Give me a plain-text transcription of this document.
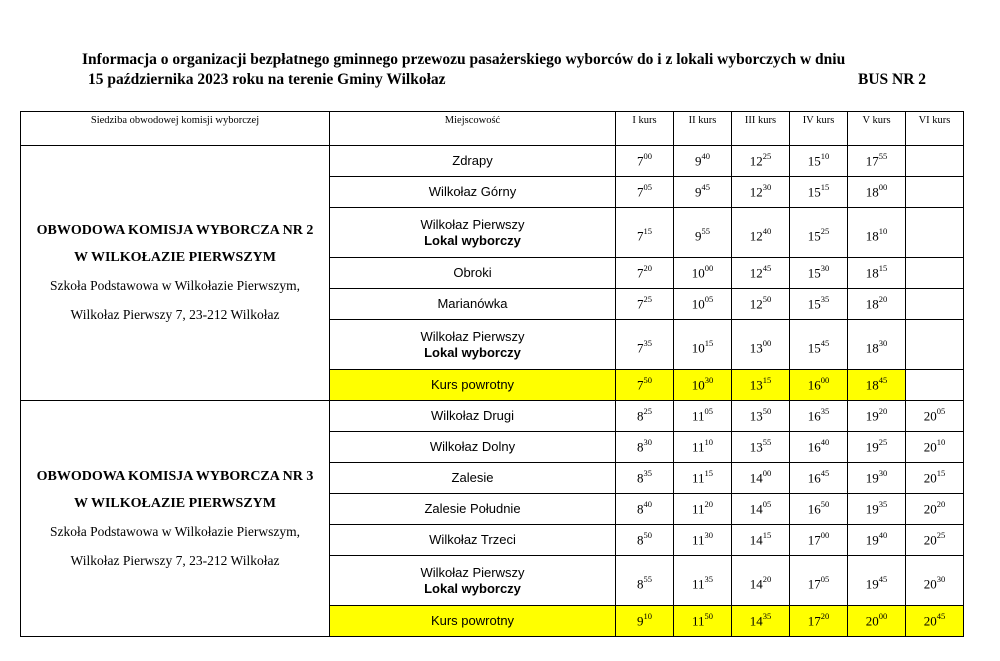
Informacja o organizacji bezpłatnego gminnego przewozu pasażerskiego wyborców do i z lokali wyborczych w dniu
15 października 2023 roku na terenie Gminy Wilkołaz	BUS NR 2
Siedziba obwodowej komisji wyborczej	Miejscowość	I kurs	II kurs	III kurs	IV kurs	V kurs	VI kurs

OBWODOWA KOMISJA WYBORCZA NR 2
W WILKOŁAZIE PIERWSZYM
Szkoła Podstawowa w Wilkołazie Pierwszym,
Wilkołaz Pierwszy 7, 23-212 Wilkołaz	Zdrapy	$7^{00}$	$9^{40}$	$12^{25}$	$15^{10}$	$17^{55}$	
	Wilkołaz Górny	$7^{05}$	$9^{45}$	$12^{30}$	$15^{15}$	$18^{00}$	
	Wilkołaz Pierwszy
Lokal wyborczy	$7^{15}$	$9^{55}$	$12^{40}$	$15^{25}$	$18^{10}$	
	Obroki	$7^{20}$	$10^{00}$	$12^{45}$	$15^{30}$	$18^{15}$	
	Marianówka	$7^{25}$	$10^{05}$	$12^{50}$	$15^{35}$	$18^{20}$	
	Wilkołaz Pierwszy
Lokal wyborczy	$7^{35}$	$10^{15}$	$13^{00}$	$15^{45}$	$18^{30}$	
	Kurs powrotny	$7^{50}$	$10^{30}$	$13^{15}$	$16^{00}$	$18^{45}$	

OBWODOWA KOMISJA WYBORCZA NR 3
W WILKOŁAZIE PIERWSZYM
Szkoła Podstawowa w Wilkołazie Pierwszym,
Wilkołaz Pierwszy 7, 23-212 Wilkołaz	Wilkołaz Drugi	$8^{25}$	$11^{05}$	$13^{50}$	$16^{35}$	$19^{20}$	$20^{05}$
	Wilkołaz Dolny	$8^{30}$	$11^{10}$	$13^{55}$	$16^{40}$	$19^{25}$	$20^{10}$
	Zalesie	$8^{35}$	$11^{15}$	$14^{00}$	$16^{45}$	$19^{30}$	$20^{15}$
	Zalesie Południe	$8^{40}$	$11^{20}$	$14^{05}$	$16^{50}$	$19^{35}$	$20^{20}$
	Wilkołaz Trzeci	$8^{50}$	$11^{30}$	$14^{15}$	$17^{00}$	$19^{40}$	$20^{25}$
	Wilkołaz Pierwszy
Lokal wyborczy	$8^{55}$	$11^{35}$	$14^{20}$	$17^{05}$	$19^{45}$	$20^{30}$
	Kurs powrotny	$9^{10}$	$11^{50}$	$14^{35}$	$17^{20}$	$20^{00}$	$20^{45}$
